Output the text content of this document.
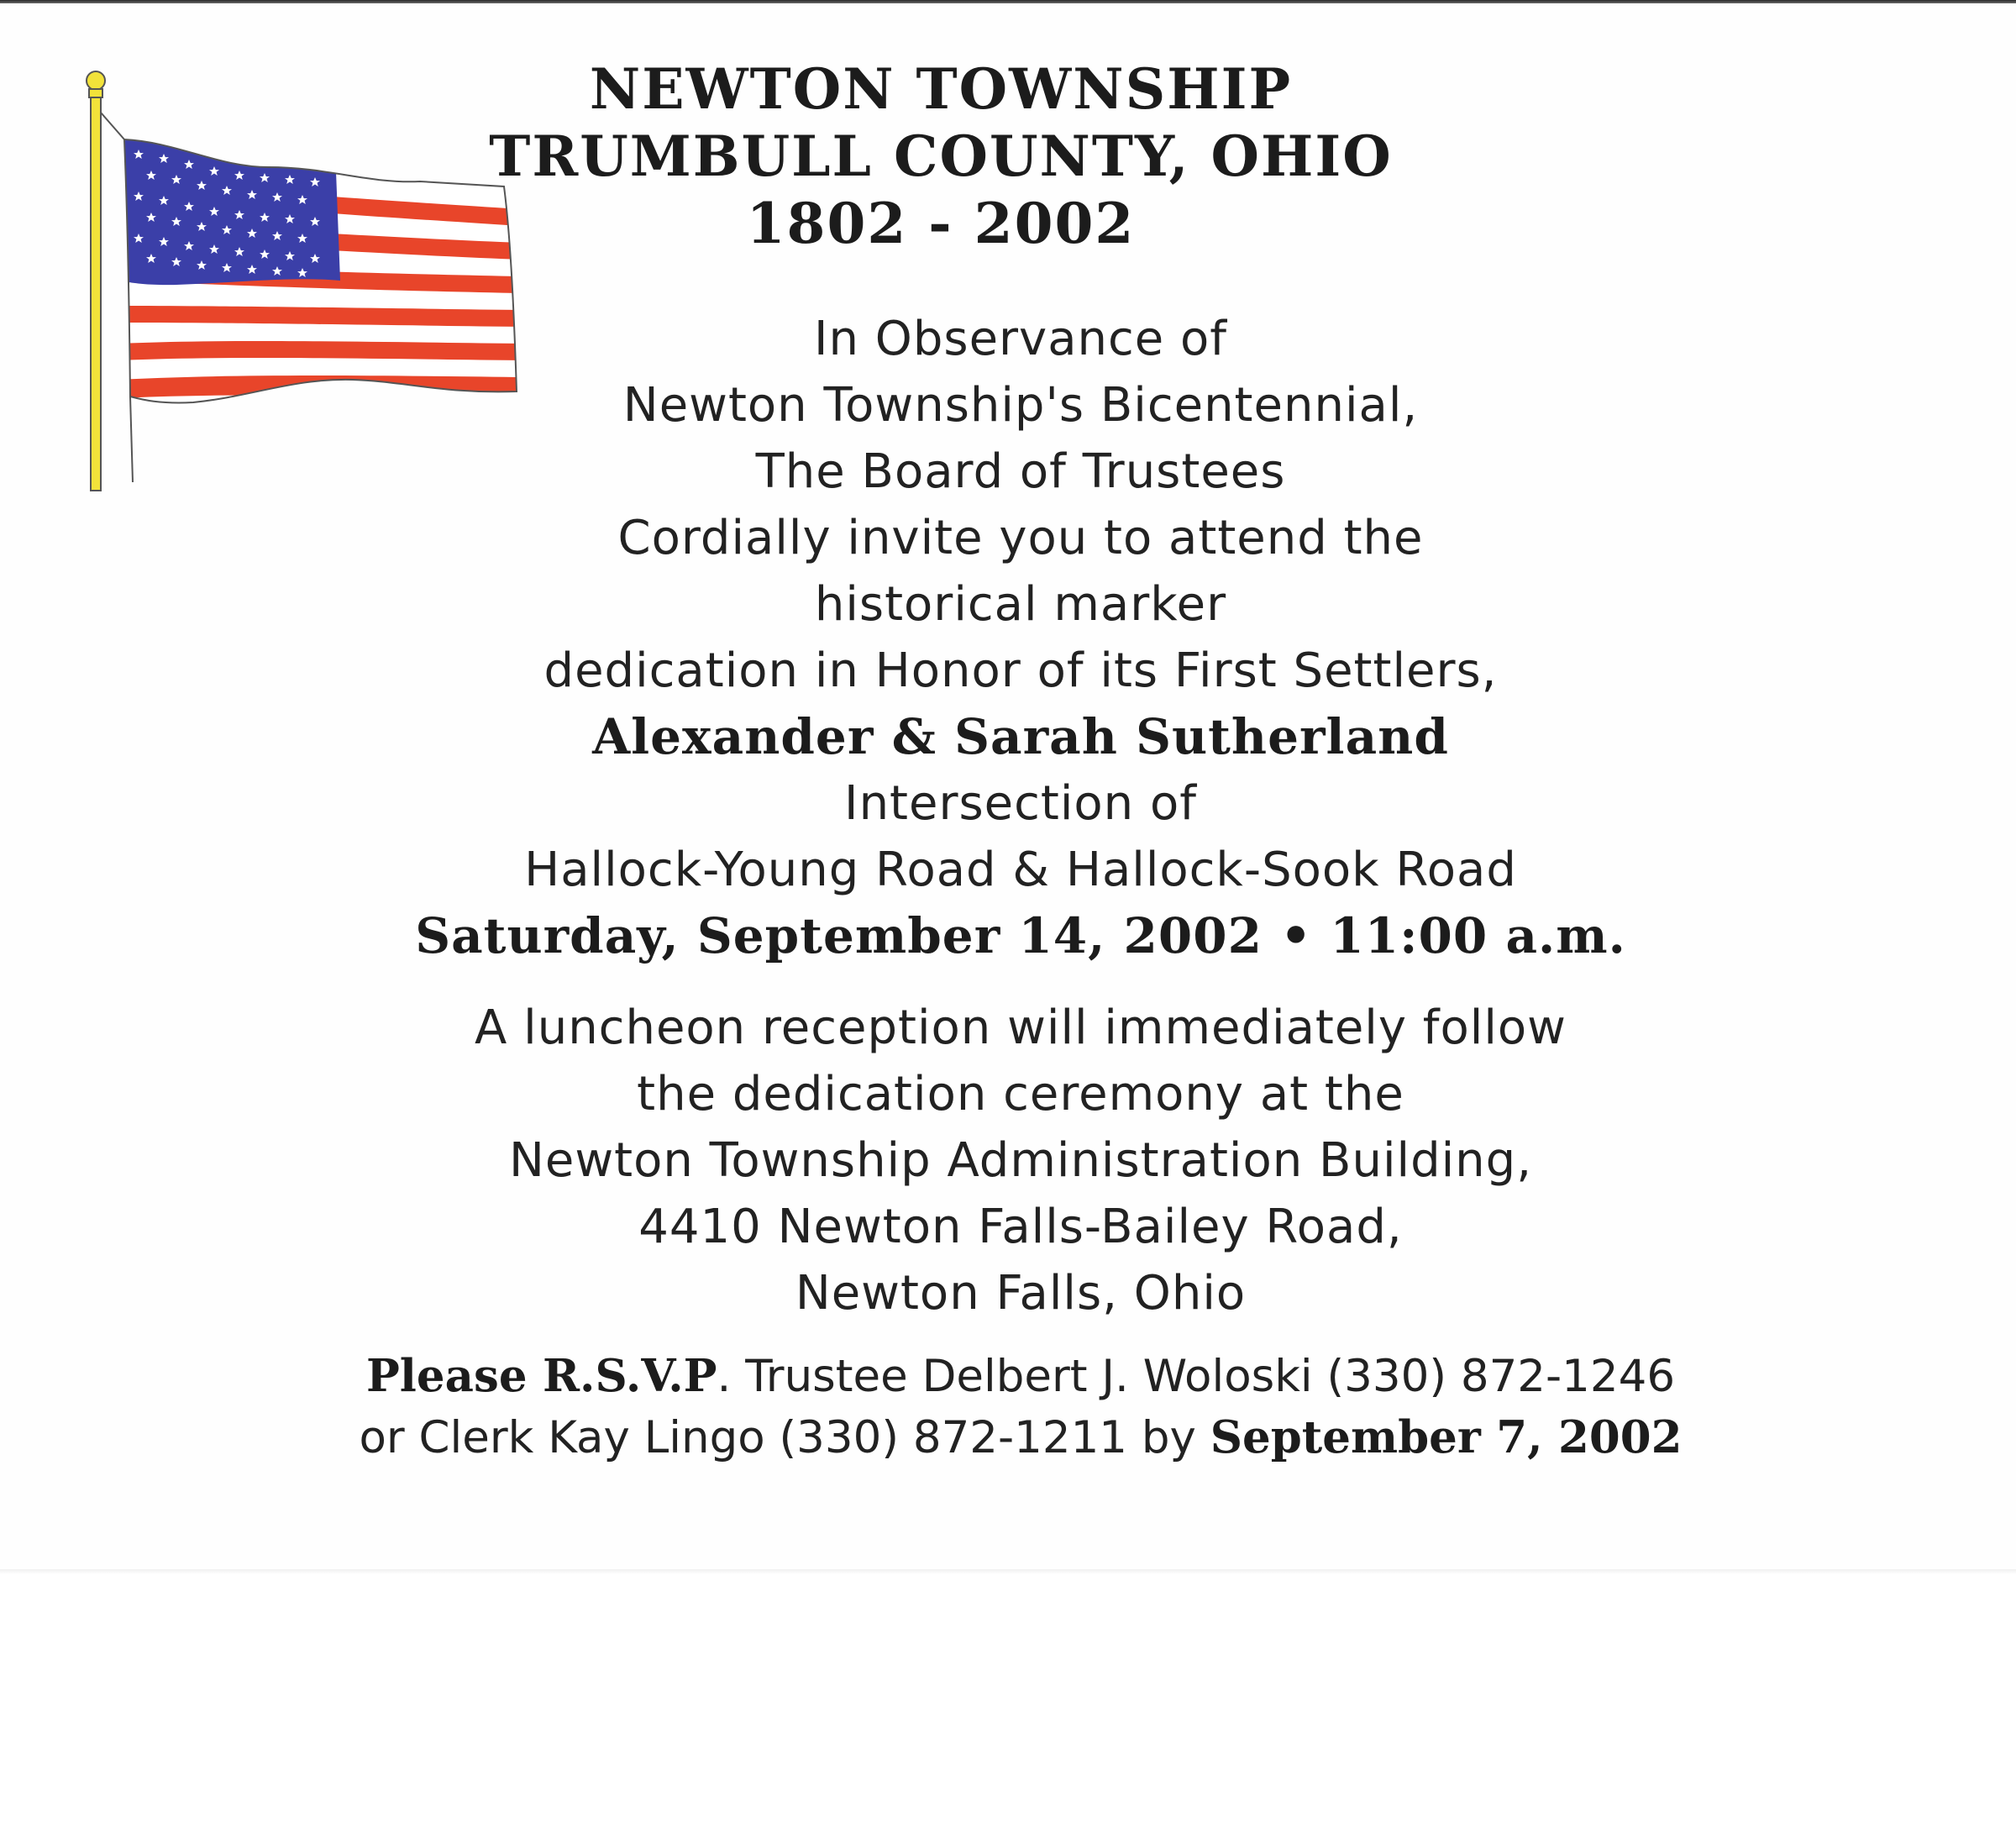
NEWTON TOWNSHIP
TRUMBULL COUNTY, OHIO
1802 - 2002
In Observance of
Newton Township's Bicentennial,
The Board of Trustees
Cordially invite you to attend the
historical marker
dedication in Honor of its First Settlers,
Alexander & Sarah Sutherland
Intersection of
Hallock-Young Road & Hallock-Sook Road
Saturday, September 14, 2002 • 11:00 a.m.
A luncheon reception will immediately follow
the dedication ceremony at the
Newton Township Administration Building,
4410 Newton Falls-Bailey Road,
Newton Falls, Ohio
Please R.S.V.P. Trustee Delbert J. Woloski (330) 872-1246
or Clerk Kay Lingo (330) 872-1211 by September 7, 2002
